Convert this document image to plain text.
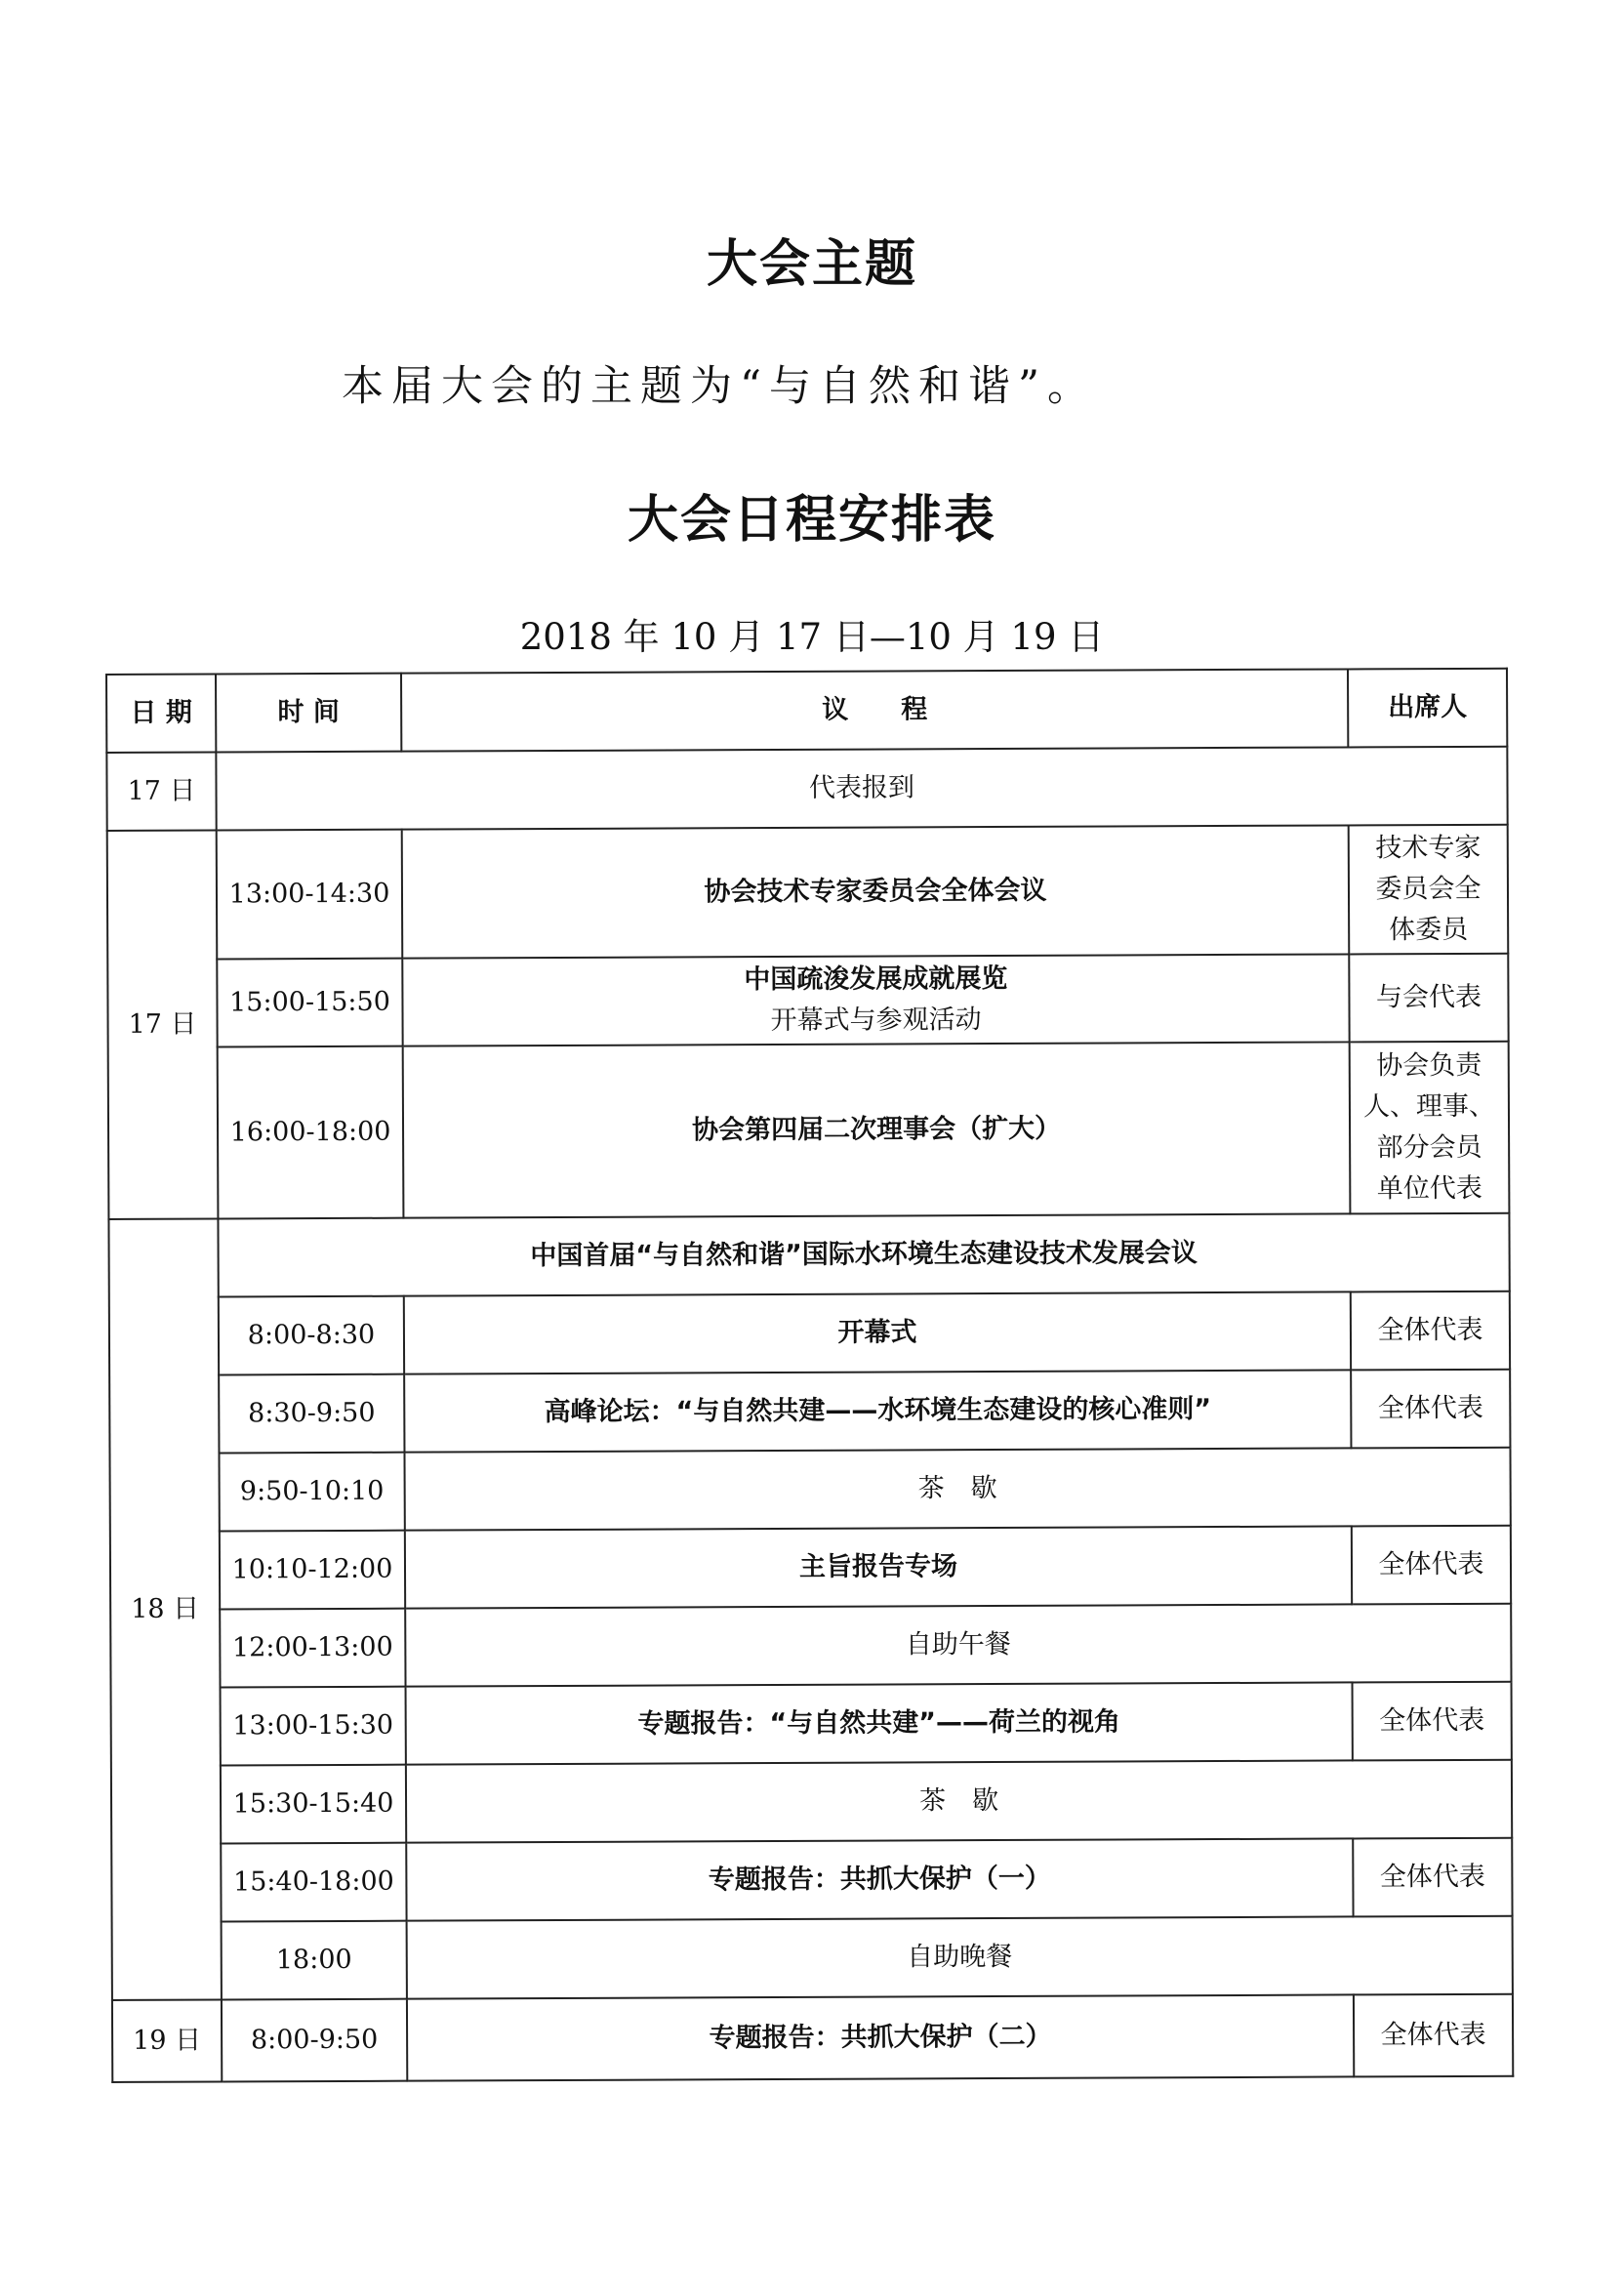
大会主题
本届大会的主题为“与自然和谐”。
大会日程安排表
2018 年 10 月 17 日—10 月 19 日
日 期	时 间	议　　程	出席人
17 日	代表报到		
17 日	13:00-14:30	协会技术专家委员会全体会议	技术专家
委员会全
体委员

	15:00-15:50	中国疏浚发展成就展览
开幕式与参观活动	与会代表
	16:00-18:00	协会第四届二次理事会（扩大）	协会负责
人、理事、
部分会员
单位代表

18 日	中国首届“与自然和谐”国际水环境生态建设技术发展会议		
	8:00-8:30	开幕式	全体代表
	8:30-9:50	高峰论坛：“与自然共建——水环境生态建设的核心准则”	全体代表
	9:50-10:10	茶　歇	
	10:10-12:00	主旨报告专场	全体代表
	12:00-13:00	自助午餐	
	13:00-15:30	专题报告：“与自然共建”——荷兰的视角	全体代表
	15:30-15:40	茶　歇	
	15:40-18:00	专题报告：共抓大保护（一）	全体代表
	18:00	自助晚餐	
19 日	8:00-9:50	专题报告：共抓大保护（二）	全体代表
